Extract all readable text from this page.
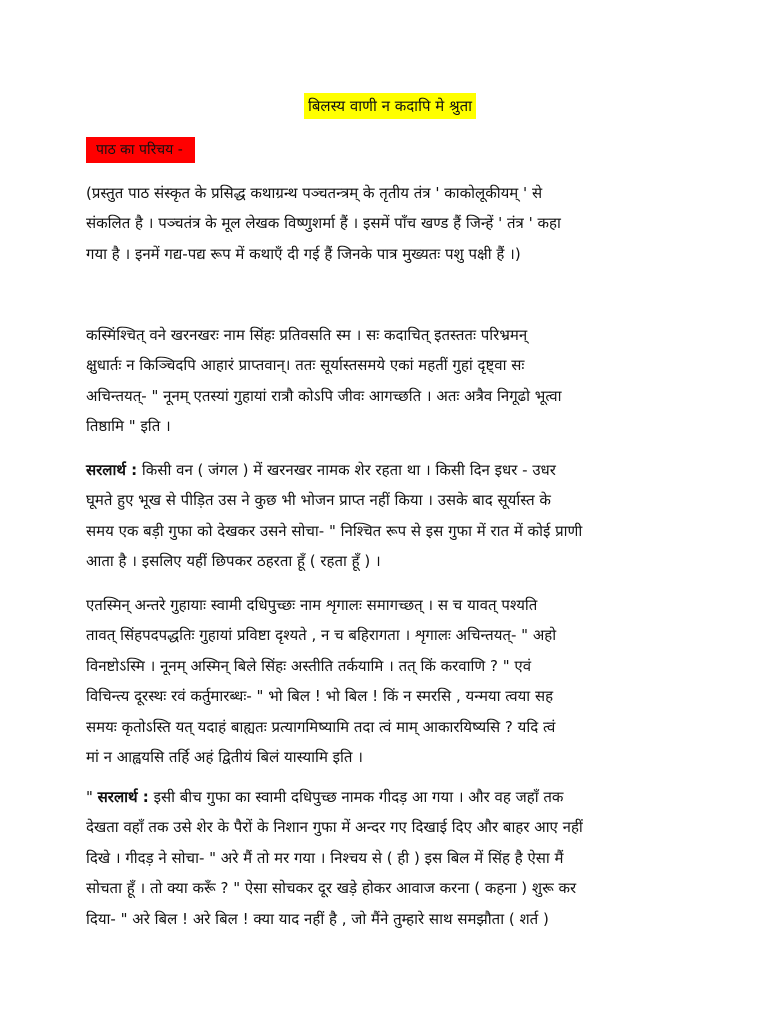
बिलस्य वाणी न कदापि मे श्रुता
पाठ का परिचय -

(प्रस्तुत पाठ संस्कृत के प्रसिद्ध कथाग्रन्थ पञ्चतन्त्रम् के तृतीय तंत्र ' काकोलूकीयम् ' से
संकलित है । पञ्चतंत्र के मूल लेखक विष्णुशर्मा हैं । इसमें पाँच खण्ड हैं जिन्हें ' तंत्र ' कहा
गया है । इनमें गद्य-पद्य रूप में कथाएँ दी गई हैं जिनके पात्र मुख्यतः पशु पक्षी हैं ।)

कस्मिंश्चित् वने खरनखरः नाम सिंहः प्रतिवसति स्म । सः कदाचित् इतस्ततः परिभ्रमन्
क्षुधार्तः न किञ्चिदपि आहारं प्राप्तवान्। ततः सूर्यास्तसमये एकां महतीं गुहां दृष्ट्वा सः
अचिन्तयत्- " नूनम् एतस्यां गुहायां रात्रौ कोऽपि जीवः आगच्छति । अतः अत्रैव निगूढो भूत्वा
तिष्ठामि " इति ।

सरलार्थ : किसी वन ( जंगल ) में खरनखर नामक शेर रहता था । किसी दिन इधर - उधर
घूमते हुए भूख से पीड़ित उस ने कुछ भी भोजन प्राप्त नहीं किया । उसके बाद सूर्यास्त के
समय एक बड़ी गुफा को देखकर उसने सोचा- " निश्चित रूप से इस गुफा में रात में कोई प्राणी
आता है । इसलिए यहीं छिपकर ठहरता हूँ ( रहता हूँ ) ।

एतस्मिन् अन्तरे गुहायाः स्वामी दधिपुच्छः नाम शृगालः समागच्छत् । स च यावत् पश्यति
तावत् सिंहपदपद्धतिः गुहायां प्रविष्टा दृश्यते , न च बहिरागता । शृगालः अचिन्तयत्- " अहो
विनष्टोऽस्मि । नूनम् अस्मिन् बिले सिंहः अस्तीति तर्कयामि । तत् किं करवाणि ? " एवं
विचिन्त्य दूरस्थः रवं कर्तुमारब्धः- " भो बिल ! भो बिल ! किं न स्मरसि , यन्मया त्वया सह
समयः कृतोऽस्ति यत् यदाहं बाह्यतः प्रत्यागमिष्यामि तदा त्वं माम् आकारयिष्यसि ? यदि त्वं
मां न आह्वयसि तर्हि अहं द्वितीयं बिलं यास्यामि इति ।

" सरलार्थ : इसी बीच गुफा का स्वामी दधिपुच्छ नामक गीदड़ आ गया । और वह जहाँ तक
देखता वहाँ तक उसे शेर के पैरों के निशान गुफा में अन्दर गए दिखाई दिए और बाहर आए नहीं
दिखे । गीदड़ ने सोचा- " अरे मैं तो मर गया । निश्चय से ( ही ) इस बिल में सिंह है ऐसा मैं
सोचता हूँ । तो क्या करूँ ? " ऐसा सोचकर दूर खड़े होकर आवाज करना ( कहना ) शुरू कर
दिया- " अरे बिल ! अरे बिल ! क्या याद नहीं है , जो मैंने तुम्हारे साथ समझौता ( शर्त )
